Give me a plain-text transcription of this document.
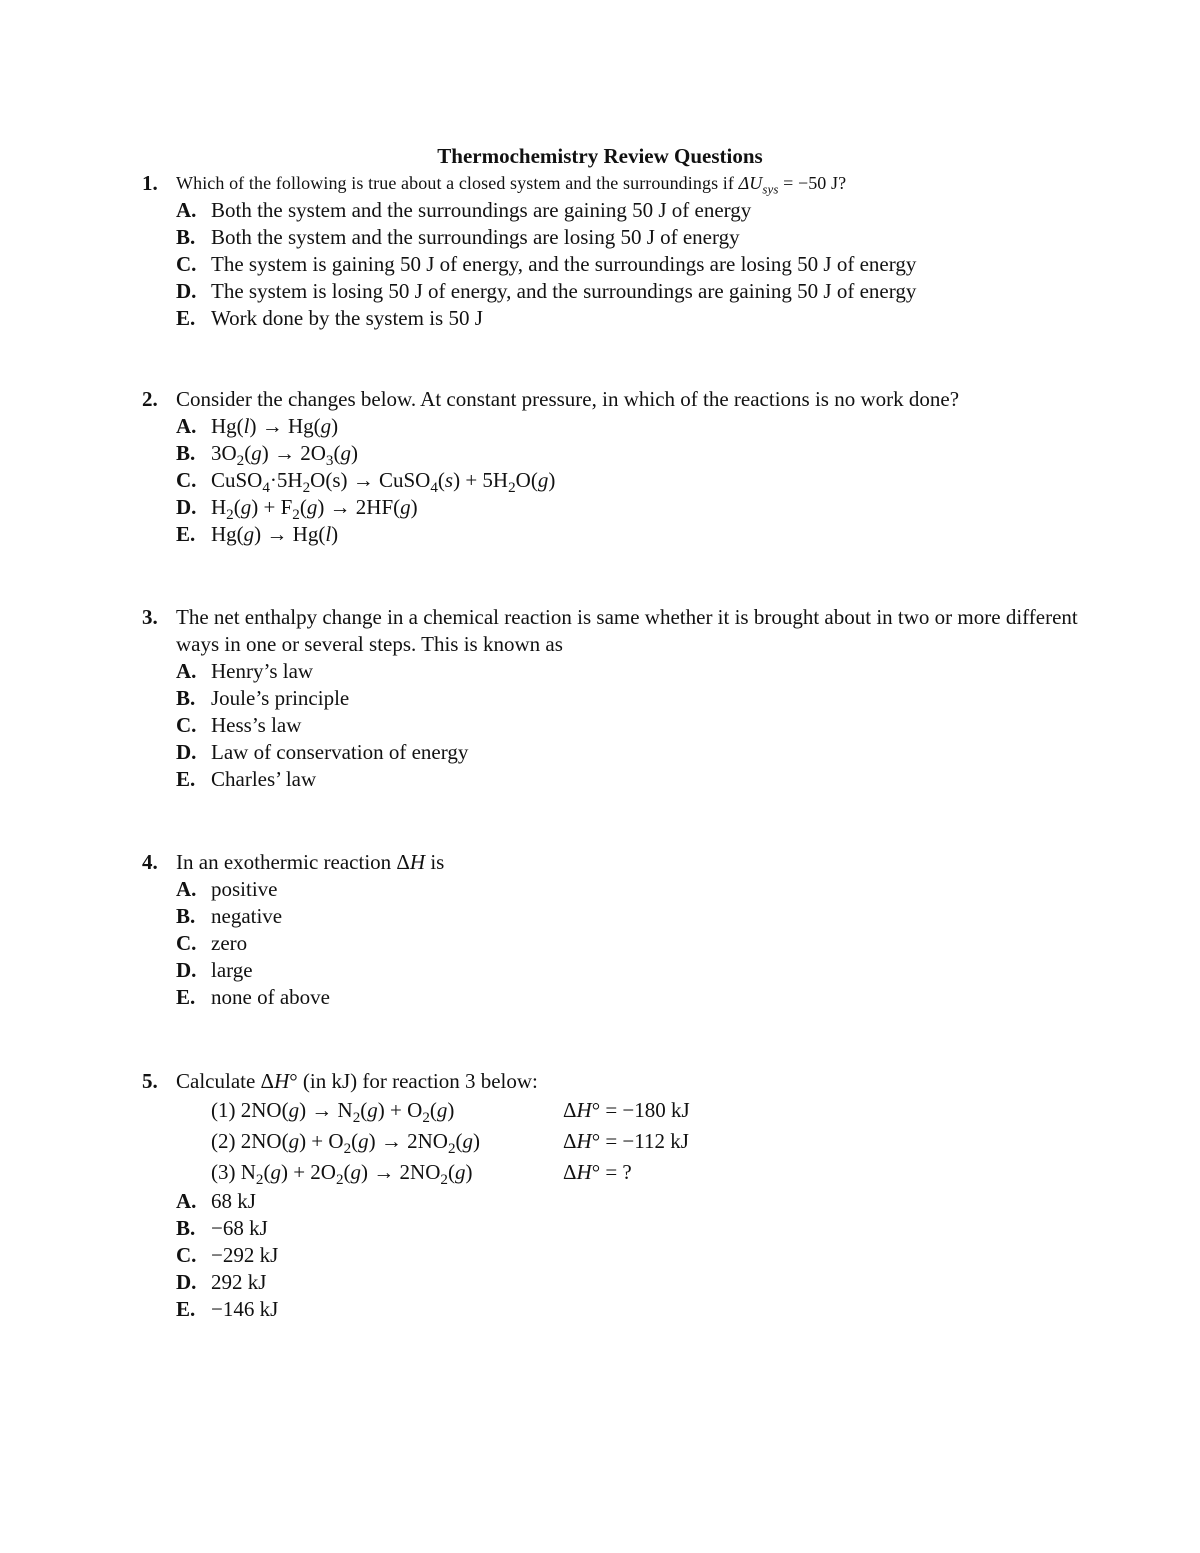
Thermochemistry Review Questions
1.	Which of the following is true about a closed system and the surroundings if $\Delta U_{sys} = -50$ J?
A. Both the system and the surroundings are gaining 50 J of energy
B. Both the system and the surroundings are losing 50 J of energy
C. The system is gaining 50 J of energy, and the surroundings are losing 50 J of energy
D. The system is losing 50 J of energy, and the surroundings are gaining 50 J of energy
E. Work done by the system is 50 J
2. Consider the changes below. At constant pressure, in which of the reactions is no work done?
A. Hg(l) → Hg(g)
B. $3O_2(g) \to 2O_3(g)$
C. $CuSO_4\cdot 5H_2O(s)$ → CuSO$_4$(s) + $5H_2O(g)$
D. $H_2(g) + F_2(g) \to 2HF(g)$
E. Hg(g) → Hg(l)
3. The net enthalpy change in a chemical reaction is same whether it is brought about in two or more different ways in one or several steps. This is known as
A. Henry’s law
B. Joule’s principle
C. Hess’s law
D. Law of conservation of energy
E. Charles’ law
4. In an exothermic reaction ΔH is
A. positive
B. negative
C. zero
D. large
E. none of above
5. Calculate ΔH° (in kJ) for reaction 3 below:
(1) $2NO(g) \to N_2(g) + O_2(g)$	ΔH° = −180 kJ
(2) $2NO(g) + O_2(g) \to 2NO_2(g)$	ΔH° = −112 kJ
(3) $N_2(g) + 2O_2(g) \to 2NO_2(g)$	ΔH° = ?
A. 68 kJ
B. −68 kJ
C. −292 kJ
D. 292 kJ
E. −146 kJ
